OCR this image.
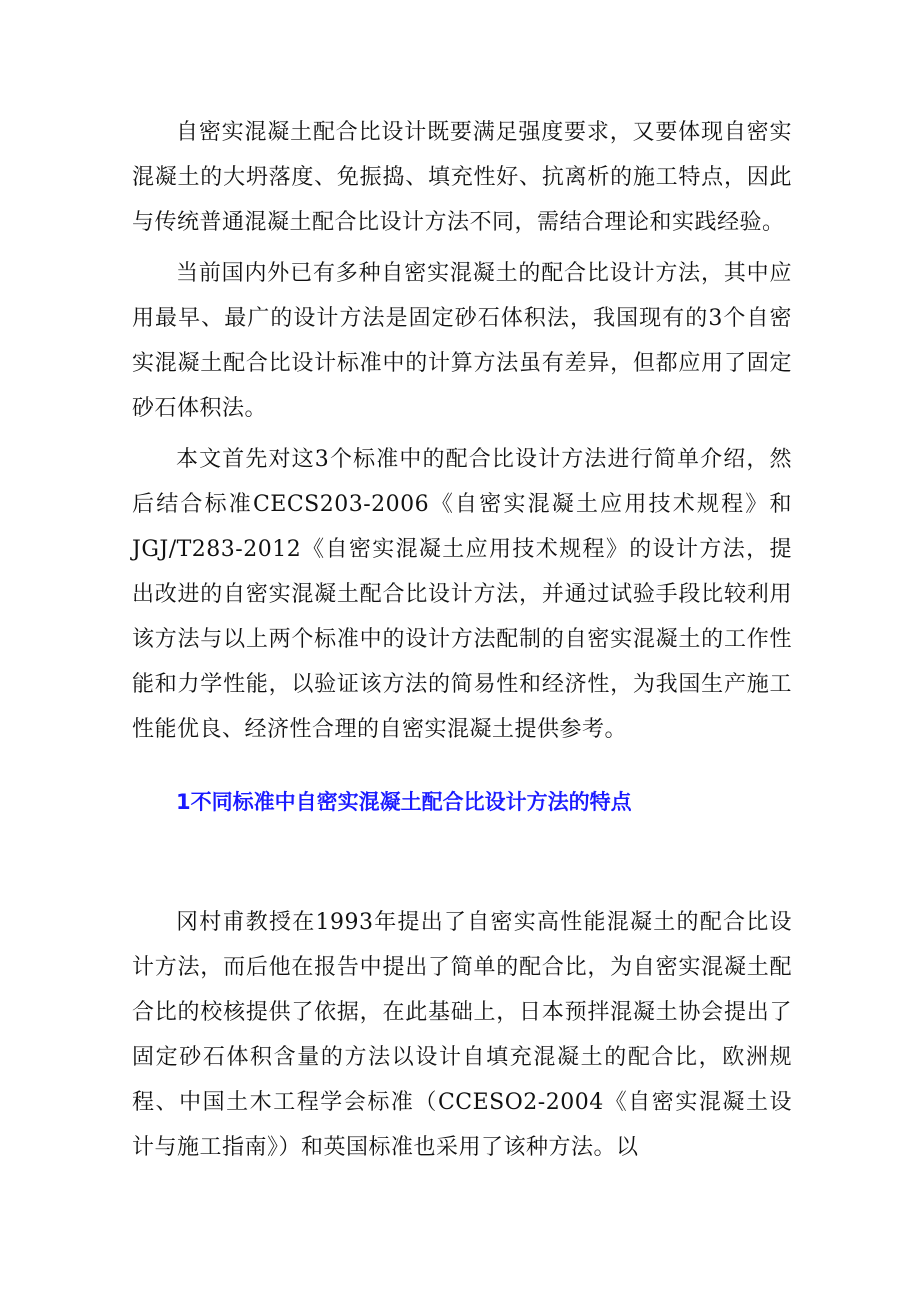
自密实混凝土配合比设计既要满足强度要求，又要体现自密实混凝土的大坍落度、免振捣、填充性好、抗离析的施工特点，因此与传统普通混凝土配合比设计方法不同，需结合理论和实践经验。

当前国内外已有多种自密实混凝土的配合比设计方法，其中应用最早、最广的设计方法是固定砂石体积法，我国现有的3个自密实混凝土配合比设计标准中的计算方法虽有差异，但都应用了固定砂石体积法。

本文首先对这3个标准中的配合比设计方法进行简单介绍，然后结合标准CECS203-2006《自密实混凝土应用技术规程》和JGJ/T283-2012《自密实混凝土应用技术规程》的设计方法，提出改进的自密实混凝土配合比设计方法，并通过试验手段比较利用该方法与以上两个标准中的设计方法配制的自密实混凝土的工作性能和力学性能，以验证该方法的简易性和经济性，为我国生产施工性能优良、经济性合理的自密实混凝土提供参考。

1不同标准中自密实混凝土配合比设计方法的特点

冈村甫教授在1993年提出了自密实高性能混凝土的配合比设计方法，而后他在报告中提出了简单的配合比，为自密实混凝土配合比的校核提供了依据，在此基础上，日本预拌混凝土协会提出了固定砂石体积含量的方法以设计自填充混凝土的配合比，欧洲规程、中国土木工程学会标准（CCESO2-2004《自密实混凝土设计与施工指南》）和英国标准也采用了该种方法。以
